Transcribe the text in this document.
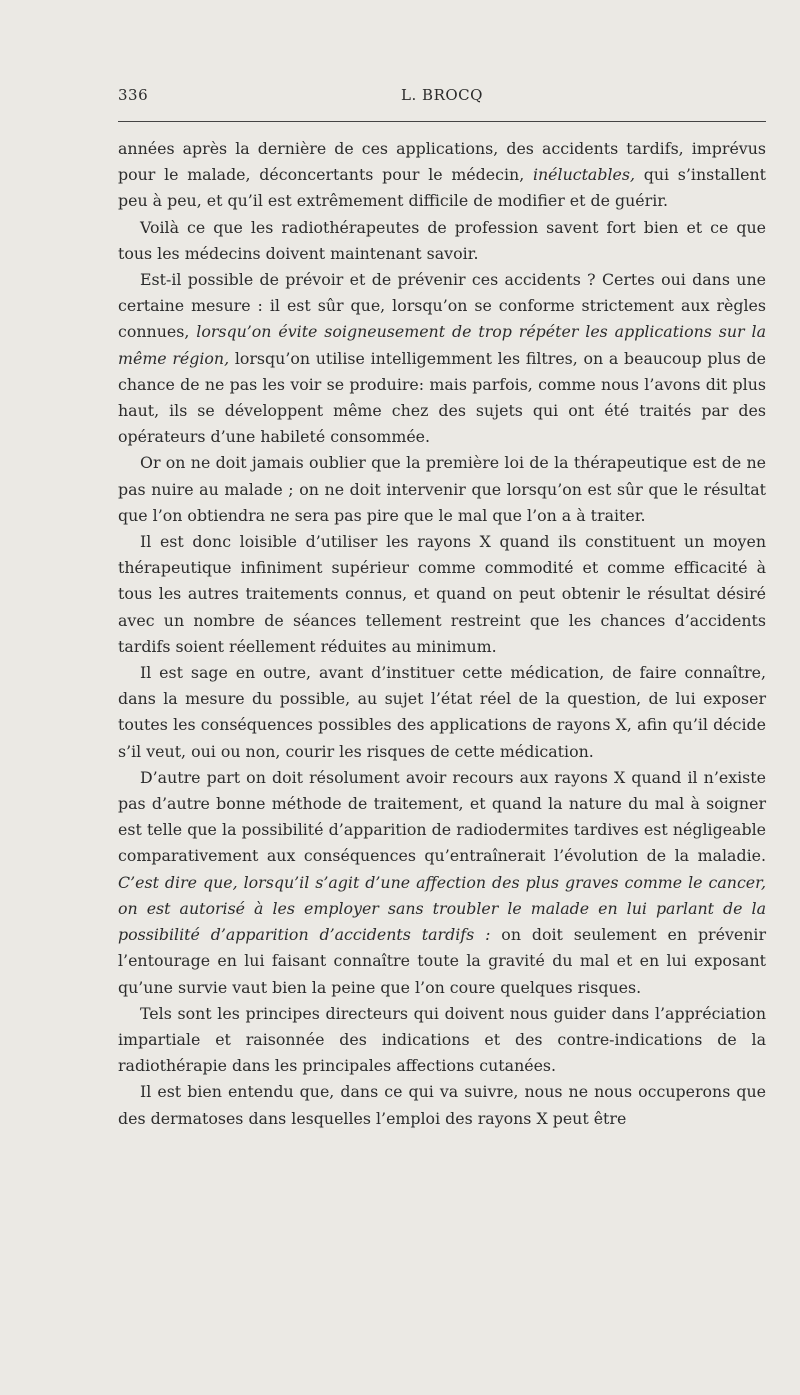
336	L. BROCQ

années après la dernière de ces applications, des accidents tardifs, imprévus pour le malade, déconcertants pour le médecin, inéluctables, qui s’installent peu à peu, et qu’il est extrêmement difficile de modifier et de guérir.

Voilà ce que les radiothérapeutes de profession savent fort bien et ce que tous les médecins doivent maintenant savoir.

Est-il possible de prévoir et de prévenir ces accidents ? Certes oui dans une certaine mesure : il est sûr que, lorsqu’on se conforme strictement aux règles connues, lorsqu’on évite soigneusement de trop répéter les applications sur la même région, lorsqu’on utilise intelligemment les filtres, on a beaucoup plus de chance de ne pas les voir se produire: mais parfois, comme nous l’avons dit plus haut, ils se développent même chez des sujets qui ont été traités par des opérateurs d’une habileté consommée.

Or on ne doit jamais oublier que la première loi de la thérapeutique est de ne pas nuire au malade ; on ne doit intervenir que lorsqu’on est sûr que le résultat que l’on obtiendra ne sera pas pire que le mal que l’on a à traiter.

Il est donc loisible d’utiliser les rayons X quand ils constituent un moyen thérapeutique infiniment supérieur comme commodité et comme efficacité à tous les autres traitements connus, et quand on peut obtenir le résultat désiré avec un nombre de séances tellement restreint que les chances d’accidents tardifs soient réellement réduites au minimum.

Il est sage en outre, avant d’instituer cette médication, de faire connaître, dans la mesure du possible, au sujet l’état réel de la question, de lui exposer toutes les conséquences possibles des applications de rayons X, afin qu’il décide s’il veut, oui ou non, courir les risques de cette médication.

D’autre part on doit résolument avoir recours aux rayons X quand il n’existe pas d’autre bonne méthode de traitement, et quand la nature du mal à soigner est telle que la possibilité d’apparition de radiodermites tardives est négligeable comparativement aux conséquences qu’entraînerait l’évolution de la maladie. C’est dire que, lorsqu’il s’agit d’une affection des plus graves comme le cancer, on est autorisé à les employer sans troubler le malade en lui parlant de la possibilité d’apparition d’accidents tardifs : on doit seulement en prévenir l’entourage en lui faisant connaître toute la gravité du mal et en lui exposant qu’une survie vaut bien la peine que l’on coure quelques risques.

Tels sont les principes directeurs qui doivent nous guider dans l’appréciation impartiale et raisonnée des indications et des contre-indications de la radiothérapie dans les principales affections cutanées.

Il est bien entendu que, dans ce qui va suivre, nous ne nous occuperons que des dermatoses dans lesquelles l’emploi des rayons X peut être
